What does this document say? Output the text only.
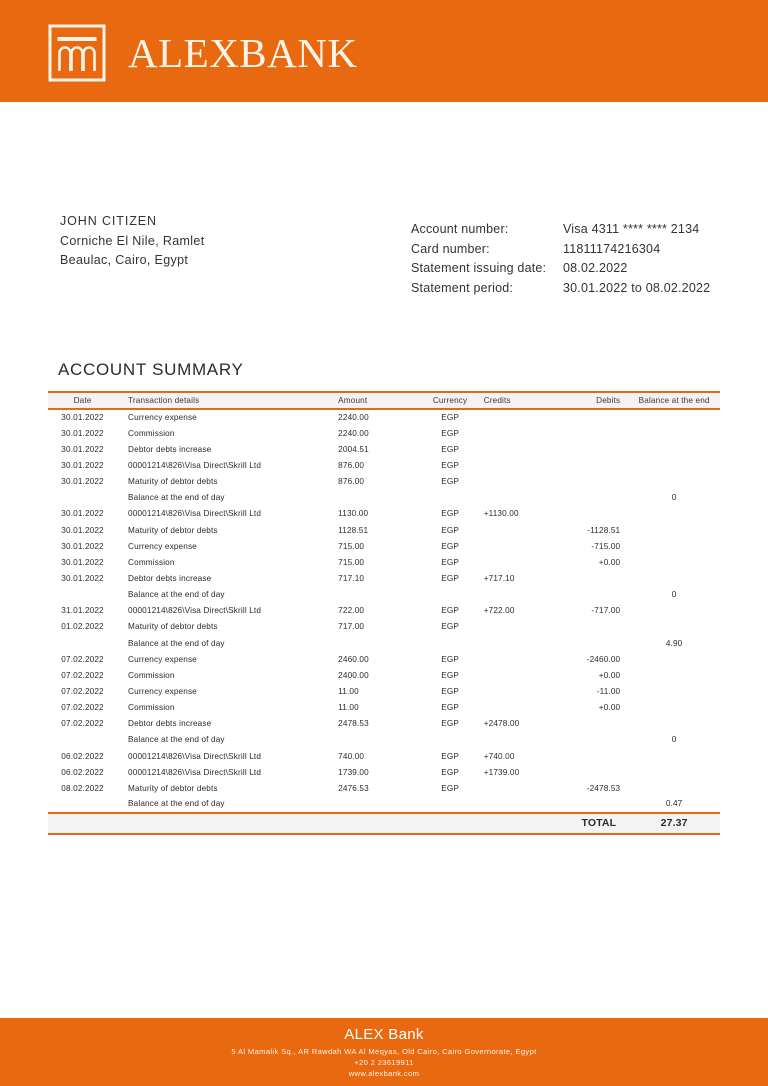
ALEXBANK
JOHN CITIZEN
Corniche El Nile, Ramlet
Beaulac, Cairo, Egypt
Account number:	Visa 4311 **** **** 2134
Card number:	11811174216304
Statement issuing date:	08.02.2022
Statement period:	30.01.2022 to 08.02.2022
ACCOUNT SUMMARY
Date	Transaction details	Amount	Currency	Credits	Debits	Balance at the end
30.01.2022	Currency expense	2240.00	EGP			
30.01.2022	Commission	2240.00	EGP			
30.01.2022	Debtor debts increase	2004.51	EGP			
30.01.2022	00001214\826\Visa Direct\Skrill Ltd	876.00	EGP			
30.01.2022	Maturity of debtor debts	876.00	EGP			
	Balance at the end of day					0
30.01.2022	00001214\826\Visa Direct\Skrill Ltd	1130.00	EGP	+1130.00		
30.01.2022	Maturity of debtor debts	1128.51	EGP		-1128.51	
30.01.2022	Currency expense	715.00	EGP		-715.00	
30.01.2022	Commission	715.00	EGP		+0.00	
30.01.2022	Debtor debts increase	717.10	EGP	+717.10		
	Balance at the end of day					0
31.01.2022	00001214\826\Visa Direct\Skrill Ltd	722.00	EGP	+722.00	-717.00	
01.02.2022	Maturity of debtor debts	717.00	EGP			
	Balance at the end of day					4.90
07.02.2022	Currency expense	2460.00	EGP		-2460.00	
07.02.2022	Commission	2400.00	EGP		+0.00	
07.02.2022	Currency expense	11.00	EGP		-11.00	
07.02.2022	Commission	11.00	EGP		+0.00	
07.02.2022	Debtor debts increase	2478.53	EGP	+2478.00		
	Balance at the end of day					0
06.02.2022	00001214\826\Visa Direct\Skrill Ltd	740.00	EGP	+740.00		
06.02.2022	00001214\826\Visa Direct\Skrill Ltd	1739.00	EGP	+1739.00		
08.02.2022	Maturity of debtor debts	2476.53	EGP		-2478.53	
	Balance at the end of day					0.47
				TOTAL		27.37
ALEX Bank
5 Al Mamalik Sq., AR Rawdah WA Al Meqyas, Old Cairo, Cairo Governorate, Egypt
+20 2 23619911
www.alexbank.com
